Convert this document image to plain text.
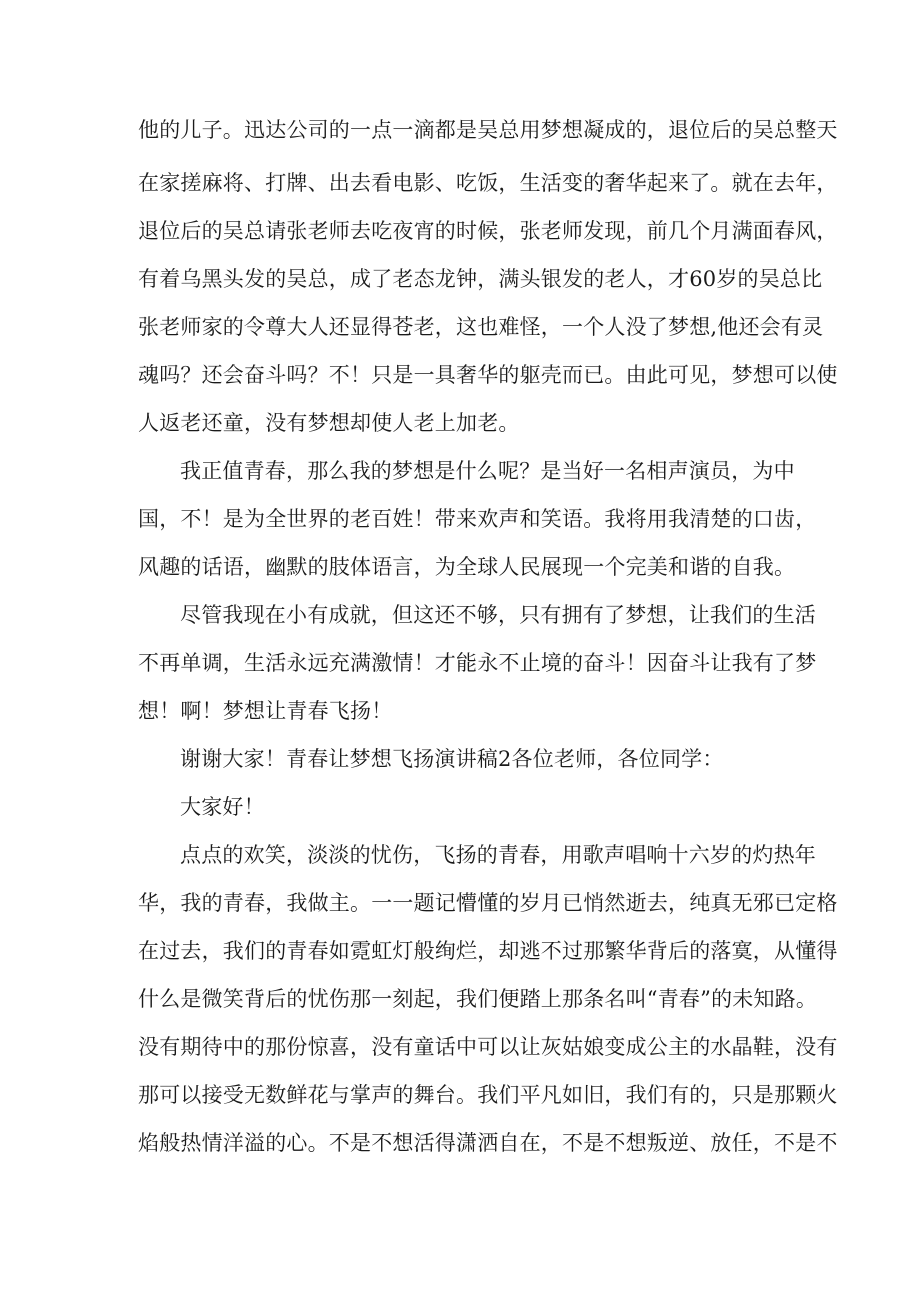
他的儿子。迅达公司的一点一滴都是吴总用梦想凝成的，退位后的吴总整天
在家搓麻将、打牌、出去看电影、吃饭，生活变的奢华起来了。就在去年，
退位后的吴总请张老师去吃夜宵的时候，张老师发现，前几个月满面春风，
有着乌黑头发的吴总，成了老态龙钟，满头银发的老人，才60岁的吴总比
张老师家的令尊大人还显得苍老，这也难怪，一个人没了梦想,他还会有灵
魂吗？还会奋斗吗？不！只是一具奢华的躯壳而已。由此可见，梦想可以使
人返老还童，没有梦想却使人老上加老。
我正值青春，那么我的梦想是什么呢？是当好一名相声演员，为中
国，不！是为全世界的老百姓！带来欢声和笑语。我将用我清楚的口齿，
风趣的话语，幽默的肢体语言，为全球人民展现一个完美和谐的自我。
尽管我现在小有成就，但这还不够，只有拥有了梦想，让我们的生活
不再单调，生活永远充满激情！才能永不止境的奋斗！因奋斗让我有了梦
想！啊！梦想让青春飞扬！
谢谢大家！青春让梦想飞扬演讲稿2各位老师，各位同学：
大家好！
点点的欢笑，淡淡的忧伤，飞扬的青春，用歌声唱响十六岁的灼热年
华，我的青春，我做主。一一题记懵懂的岁月已悄然逝去，纯真无邪已定格
在过去，我们的青春如霓虹灯般绚烂，却逃不过那繁华背后的落寞，从懂得
什么是微笑背后的忧伤那一刻起，我们便踏上那条名叫“青春”的未知路。
没有期待中的那份惊喜，没有童话中可以让灰姑娘变成公主的水晶鞋，没有
那可以接受无数鲜花与掌声的舞台。我们平凡如旧，我们有的，只是那颗火
焰般热情洋溢的心。不是不想活得潇洒自在，不是不想叛逆、放任，不是不
